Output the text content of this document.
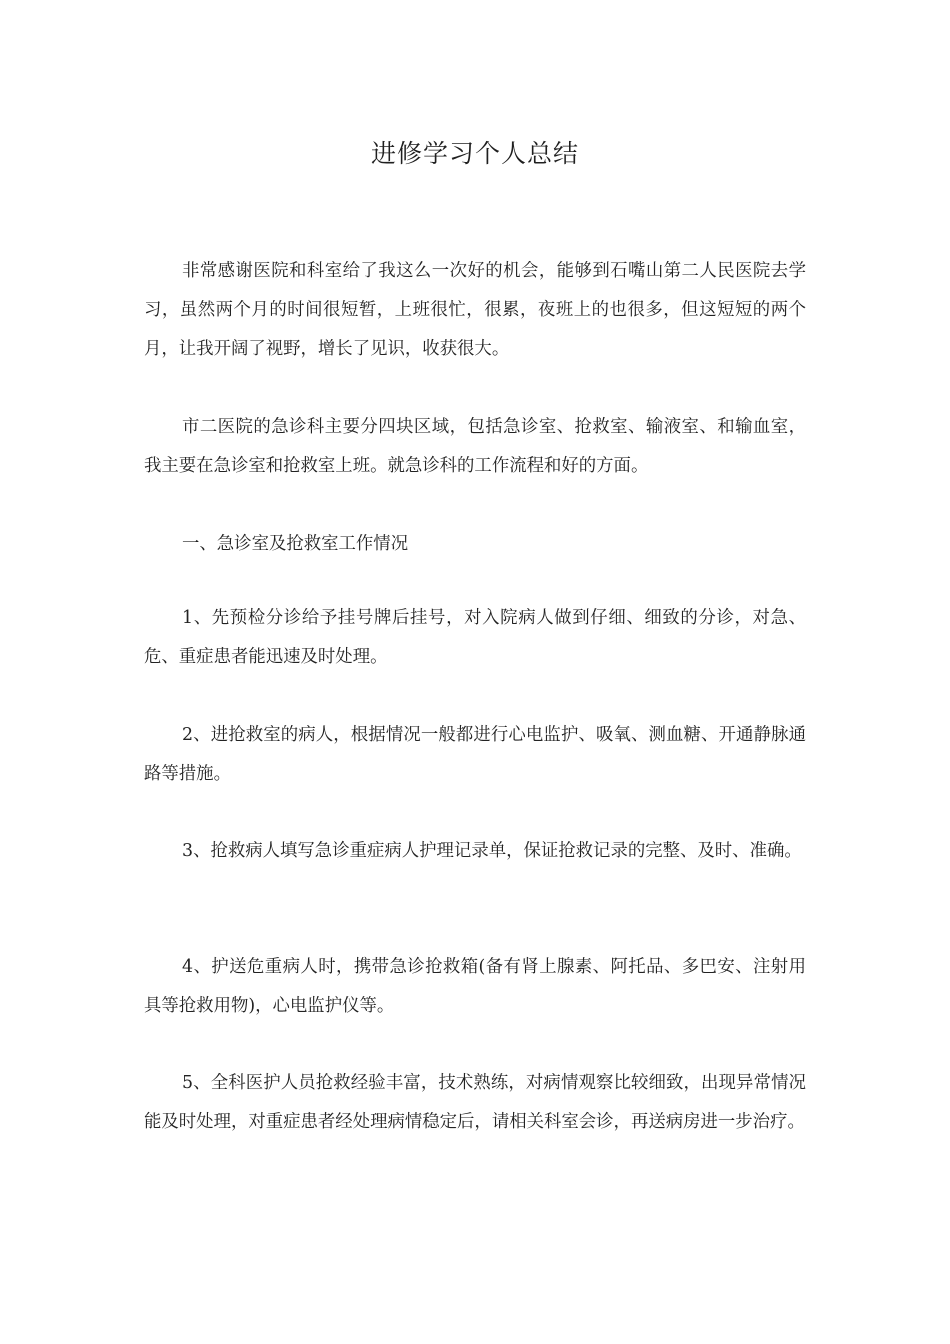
进修学习个人总结

非常感谢医院和科室给了我这么一次好的机会，能够到石嘴山第二人民医院去学习，虽然两个月的时间很短暂，上班很忙，很累，夜班上的也很多，但这短短的两个月，让我开阔了视野，增长了见识，收获很大。

市二医院的急诊科主要分四块区域，包括急诊室、抢救室、输液室、和输血室，我主要在急诊室和抢救室上班。就急诊科的工作流程和好的方面。

一、急诊室及抢救室工作情况

1、先预检分诊给予挂号牌后挂号，对入院病人做到仔细、细致的分诊，对急、危、重症患者能迅速及时处理。

2、进抢救室的病人，根据情况一般都进行心电监护、吸氧、测血糖、开通静脉通路等措施。

3、抢救病人填写急诊重症病人护理记录单，保证抢救记录的完整、及时、准确。

4、护送危重病人时，携带急诊抢救箱(备有肾上腺素、阿托品、多巴安、注射用具等抢救用物)，心电监护仪等。

5、全科医护人员抢救经验丰富，技术熟练，对病情观察比较细致，出现异常情况能及时处理，对重症患者经处理病情稳定后，请相关科室会诊，再送病房进一步治疗。
